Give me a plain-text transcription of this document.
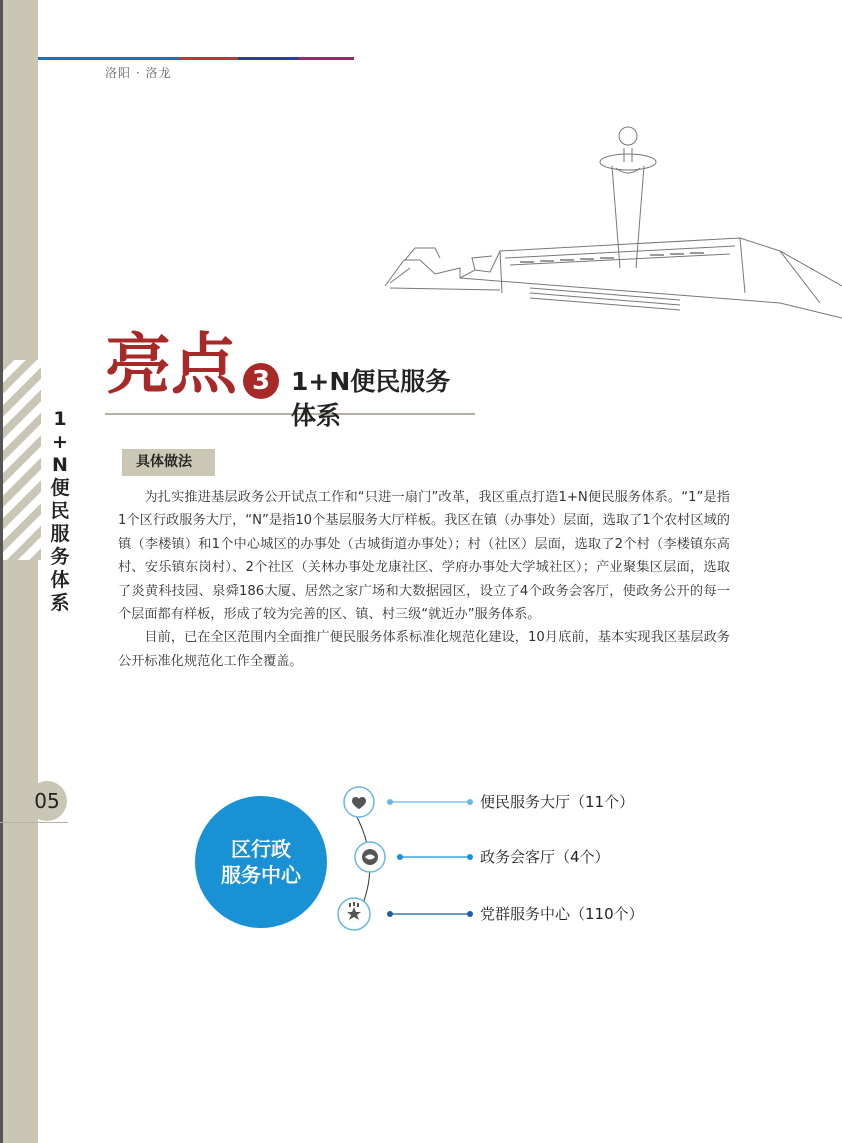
1+N便民服务体系
洛阳 · 洛龙
亮点 3 1+N便民服务体系
具体做法

为扎实推进基层政务公开试点工作和“只进一扇门”改革，我区重点打造1+N便民服务体系。“1”是指1个区行政服务大厅，“N”是指10个基层服务大厅样板。我区在镇（办事处）层面，选取了1个农村区域的镇（李楼镇）和1个中心城区的办事处（古城街道办事处）；村（社区）层面，选取了2个村（李楼镇东高村、安乐镇东岗村）、2个社区（关林办事处龙康社区、学府办事处大学城社区）；产业聚集区层面，选取了炎黄科技园、泉舜186大厦、居然之家广场和大数据园区，设立了4个政务会客厅，使政务公开的每一个层面都有样板，形成了较为完善的区、镇、村三级“就近办”服务体系。

目前，已在全区范围内全面推广便民服务体系标准化规范化建设，10月底前，基本实现我区基层政务公开标准化规范化工作全覆盖。

05
区行政
服务中心
便民服务大厅（11个）
政务会客厅（4个）
党群服务中心（110个）
